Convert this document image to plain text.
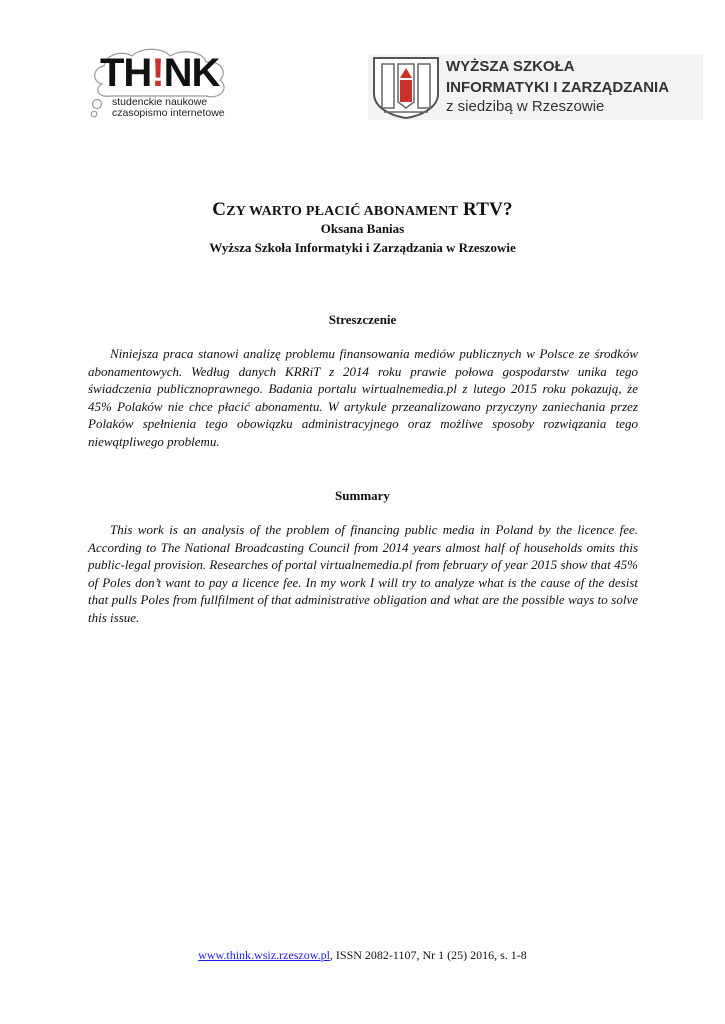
TH!NK
studenckie naukowe
czasopismo internetowe
WYŻSZA SZKOŁA
INFORMATYKI I ZARZĄDZANIA
z siedzibą w Rzeszowie
CZY WARTO PŁACIĆ ABONAMENT RTV?
Oksana Banias
Wyższa Szkoła Informatyki i Zarządzania w Rzeszowie
Streszczenie

Niniejsza praca stanowi analizę problemu finansowania mediów publicznych w Polsce ze środków abonamentowych. Według danych KRRiT z 2014 roku prawie połowa gospodarstw unika tego świadczenia publicznoprawnego. Badania portalu wirtualnemedia.pl z lutego 2015 roku pokazują, że 45% Polaków nie chce płacić abonamentu. W artykule przeanalizowano przyczyny zaniechania przez Polaków spełnienia tego obowiązku administracyjnego oraz możliwe sposoby rozwiązania tego niewątpliwego problemu.

Summary

This work is an analysis of the problem of financing public media in Poland by the licence fee. According to The National Broadcasting Council from 2014 years almost half of households omits this public-legal provision. Researches of portal virtualnemedia.pl from february of year 2015 show that 45% of Poles don’t want to pay a licence fee. In my work I will try to analyze what is the cause of the desist that pulls Poles from fullfilment of that administrative obligation and what are the possible ways to solve this issue.

www.think.wsiz.rzeszow.pl, ISSN 2082-1107, Nr 1 (25) 2016, s. 1-8
